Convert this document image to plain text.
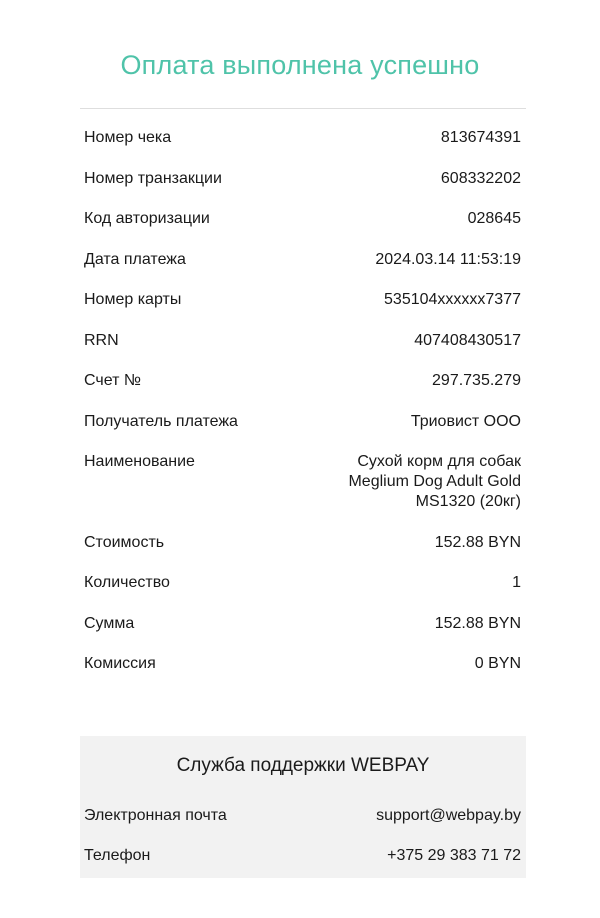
Оплата выполнена успешно
Номер чека	813674391
Номер транзакции	608332202
Код авторизации	028645
Дата платежа	2024.03.14 11:53:19
Номер карты	535104xxxxxx7377
RRN	407408430517
Счет №	297.735.279
Получатель платежа	Триовист ООО
Наименование	Сухой корм для собак Meglium Dog Adult Gold MS1320 (20кг)
Стоимость	152.88 BYN
Количество	1
Сумма	152.88 BYN
Комиссия	0 BYN
Служба поддержки WEBPAY
Электронная почта	support@webpay.by
Телефон	+375 29 383 71 72
